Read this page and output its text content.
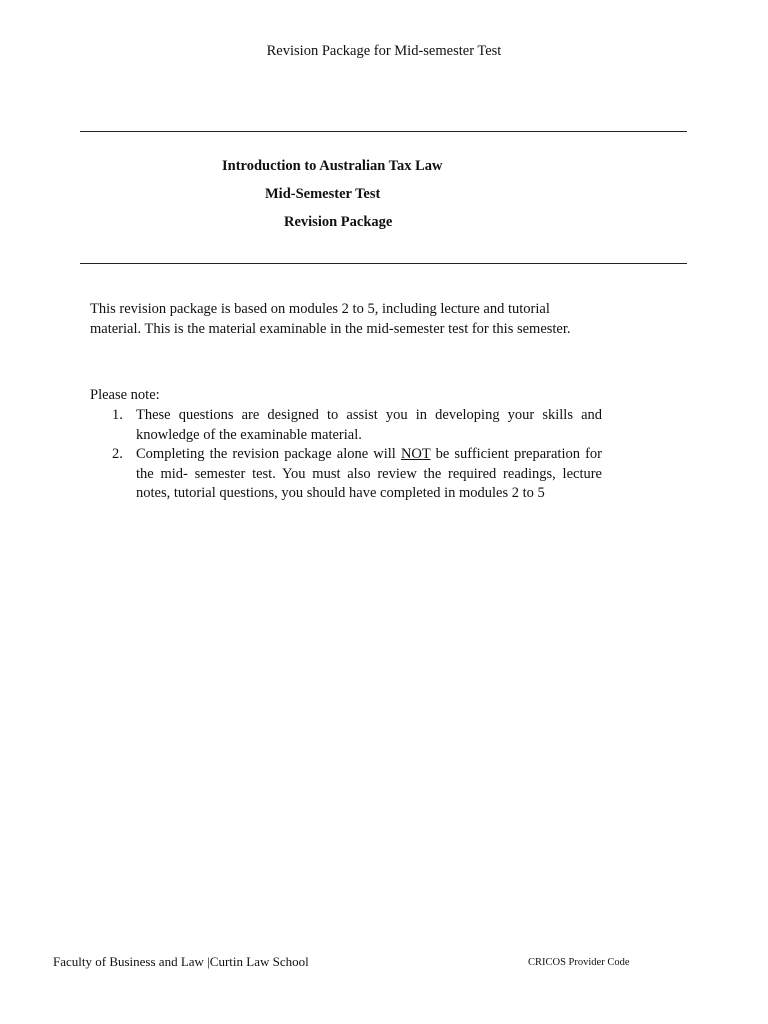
Revision Package for Mid-semester Test
Introduction to Australian Tax Law
Mid-Semester Test
Revision Package

This revision package is based on modules 2 to 5, including lecture and tutorial material. This is the material examinable in the mid-semester test for this semester.

Please note:

1. These questions are designed to assist you in developing your skills and knowledge of the examinable material.
2. Completing the revision package alone will NOT be sufficient preparation for the mid- semester test. You must also review the required readings, lecture notes, tutorial questions, you should have completed in modules 2 to 5
Faculty of Business and Law |Curtin Law School	CRICOS Provider Code
